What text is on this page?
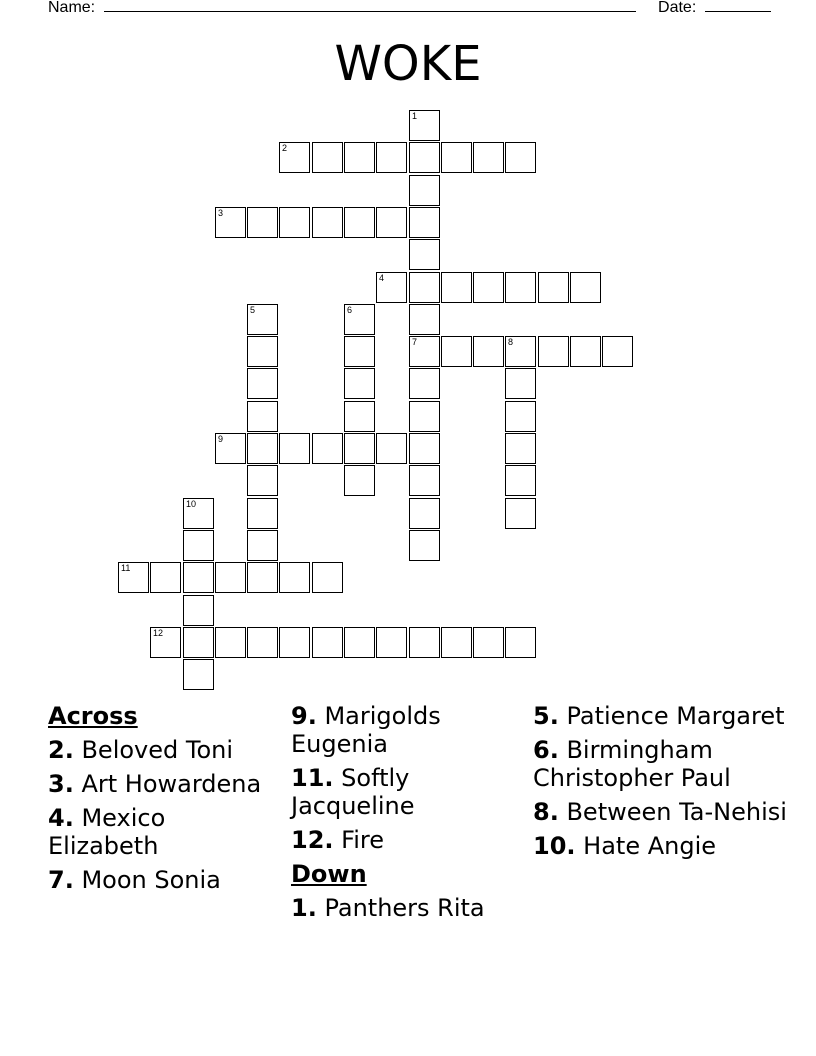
Name:	Date:
WOKE
1
7
2
3
4
5	6
8
9
10
11
12
Across
2. Beloved Toni
3. Art Howardena
4. Mexico Elizabeth
7. Moon Sonia
9. Marigolds Eugenia
11. Softly Jacqueline
12. Fire
Down
1. Panthers Rita
5. Patience Margaret
6. Birmingham Christopher Paul
8. Between Ta-Nehisi
10. Hate Angie
